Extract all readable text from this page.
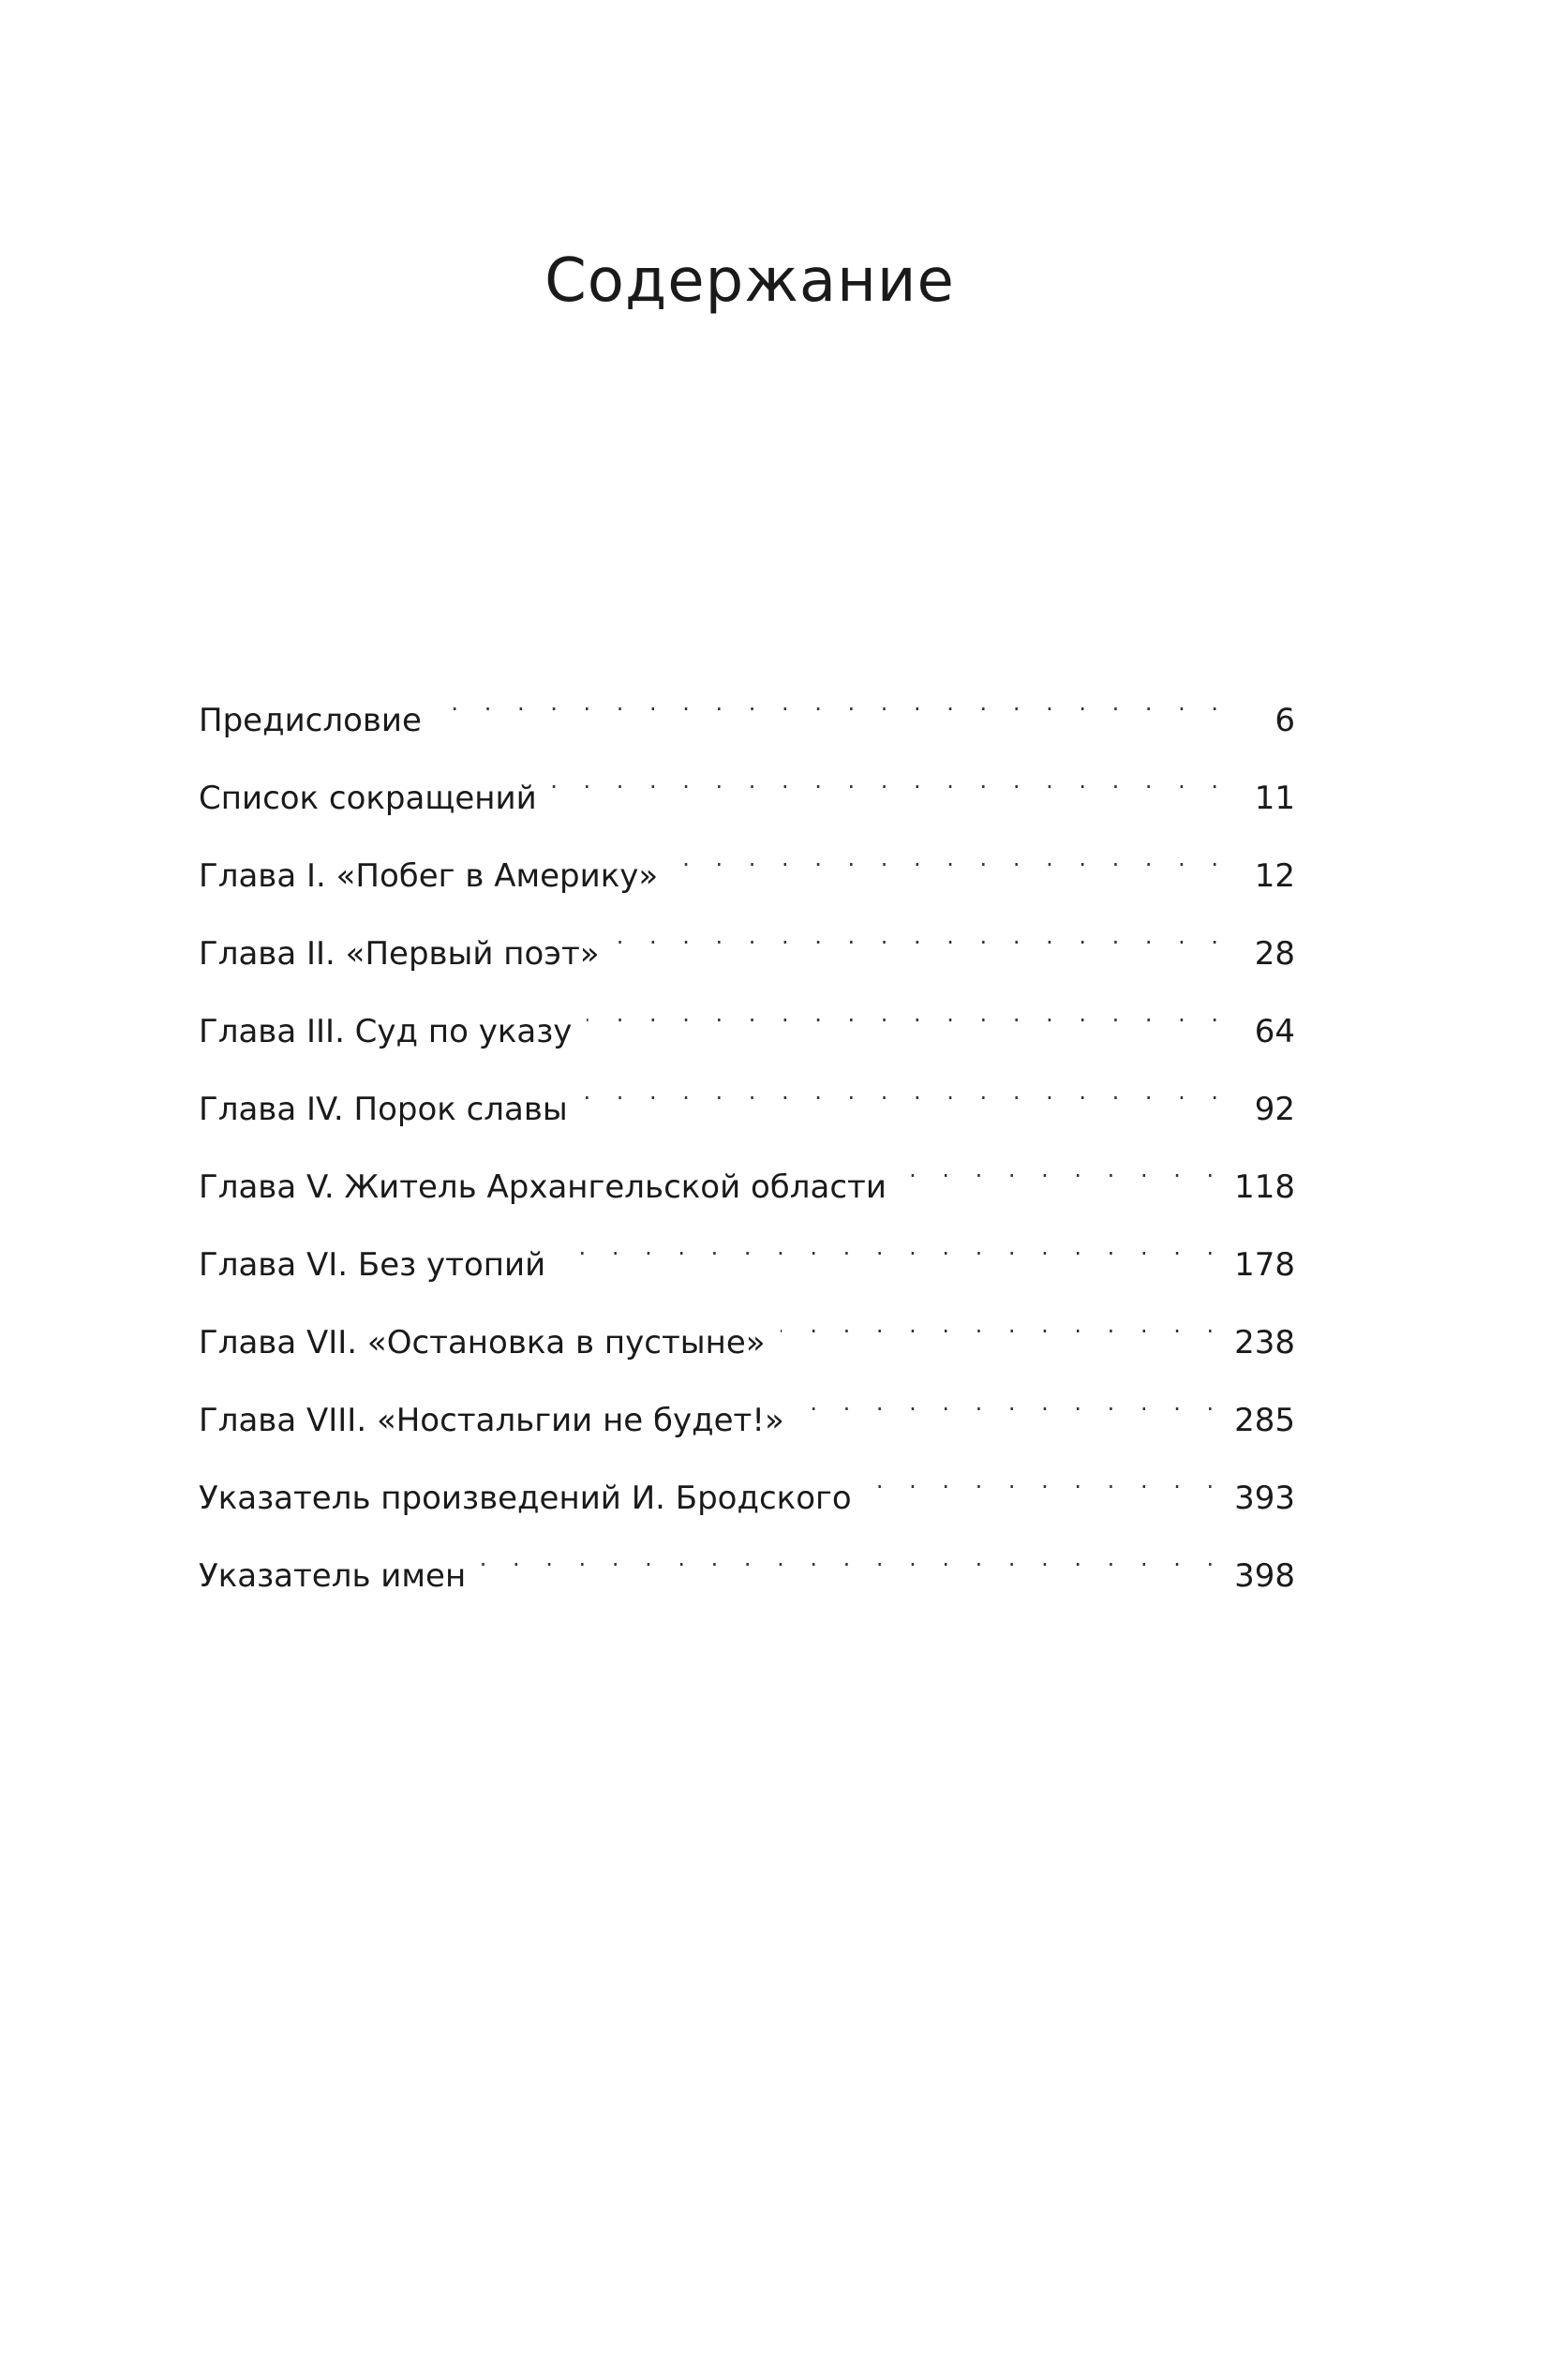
Содержание
Предисловие . . .	6
Список сокращений . . .	11
Глава I. «Побег в Америку» . . .	12
Глава II. «Первый поэт» . . .	28
Глава III. Суд по указу . . .	64
Глава IV. Порок славы . . .	92
Глава V. Житель Архангельской области . . .	118
Глава VI. Без утопий . . .	178
Глава VII. «Остановка в пустыне» . . .	238
Глава VIII. «Ностальгии не будет!» . . .	285
Указатель произведений И. Бродского . . .	393
Указатель имен . . .	398
